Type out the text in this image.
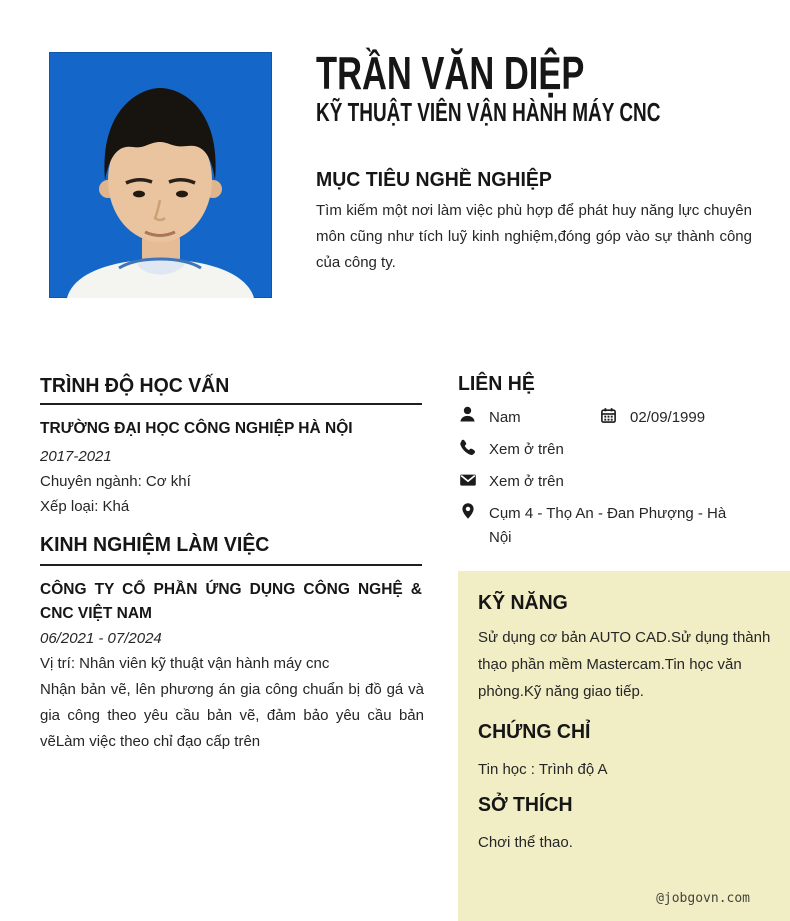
TRẦN VĂN DIỆP
KỸ THUẬT VIÊN VẬN HÀNH MÁY CNC
MỤC TIÊU NGHỀ NGHIỆP
Tìm kiếm một nơi làm việc phù hợp để phát huy năng lực chuyên môn cũng như tích luỹ kinh nghiệm,đóng góp vào sự thành công của công ty.
TRÌNH ĐỘ HỌC VẤN
TRƯỜNG ĐẠI HỌC CÔNG NGHIỆP HÀ NỘI
2017-2021
Chuyên ngành: Cơ khí
Xếp loại: Khá
KINH NGHIỆM LÀM VIỆC
CÔNG TY CỔ PHẦN ỨNG DỤNG CÔNG NGHỆ & CNC VIỆT NAM
06/2021 - 07/2024
Vị trí: Nhân viên kỹ thuật vận hành máy cnc
Nhận bản vẽ, lên phương án gia công chuẩn bị đồ gá và gia công theo yêu cầu bản vẽ, đảm bảo yêu cầu bản vẽLàm việc theo chỉ đạo cấp trên
LIÊN HỆ
Nam	02/09/1999
Xem ở trên
Xem ở trên
Cụm 4 - Thọ An - Đan Phượng - Hà Nội
KỸ NĂNG
Sử dụng cơ bản AUTO CAD.Sử dụng thành thạo phần mềm Mastercam.Tin học văn phòng.Kỹ năng giao tiếp.
CHỨNG CHỈ
Tin học : Trình độ A
SỞ THÍCH
Chơi thể thao.
@jobgovn.com
